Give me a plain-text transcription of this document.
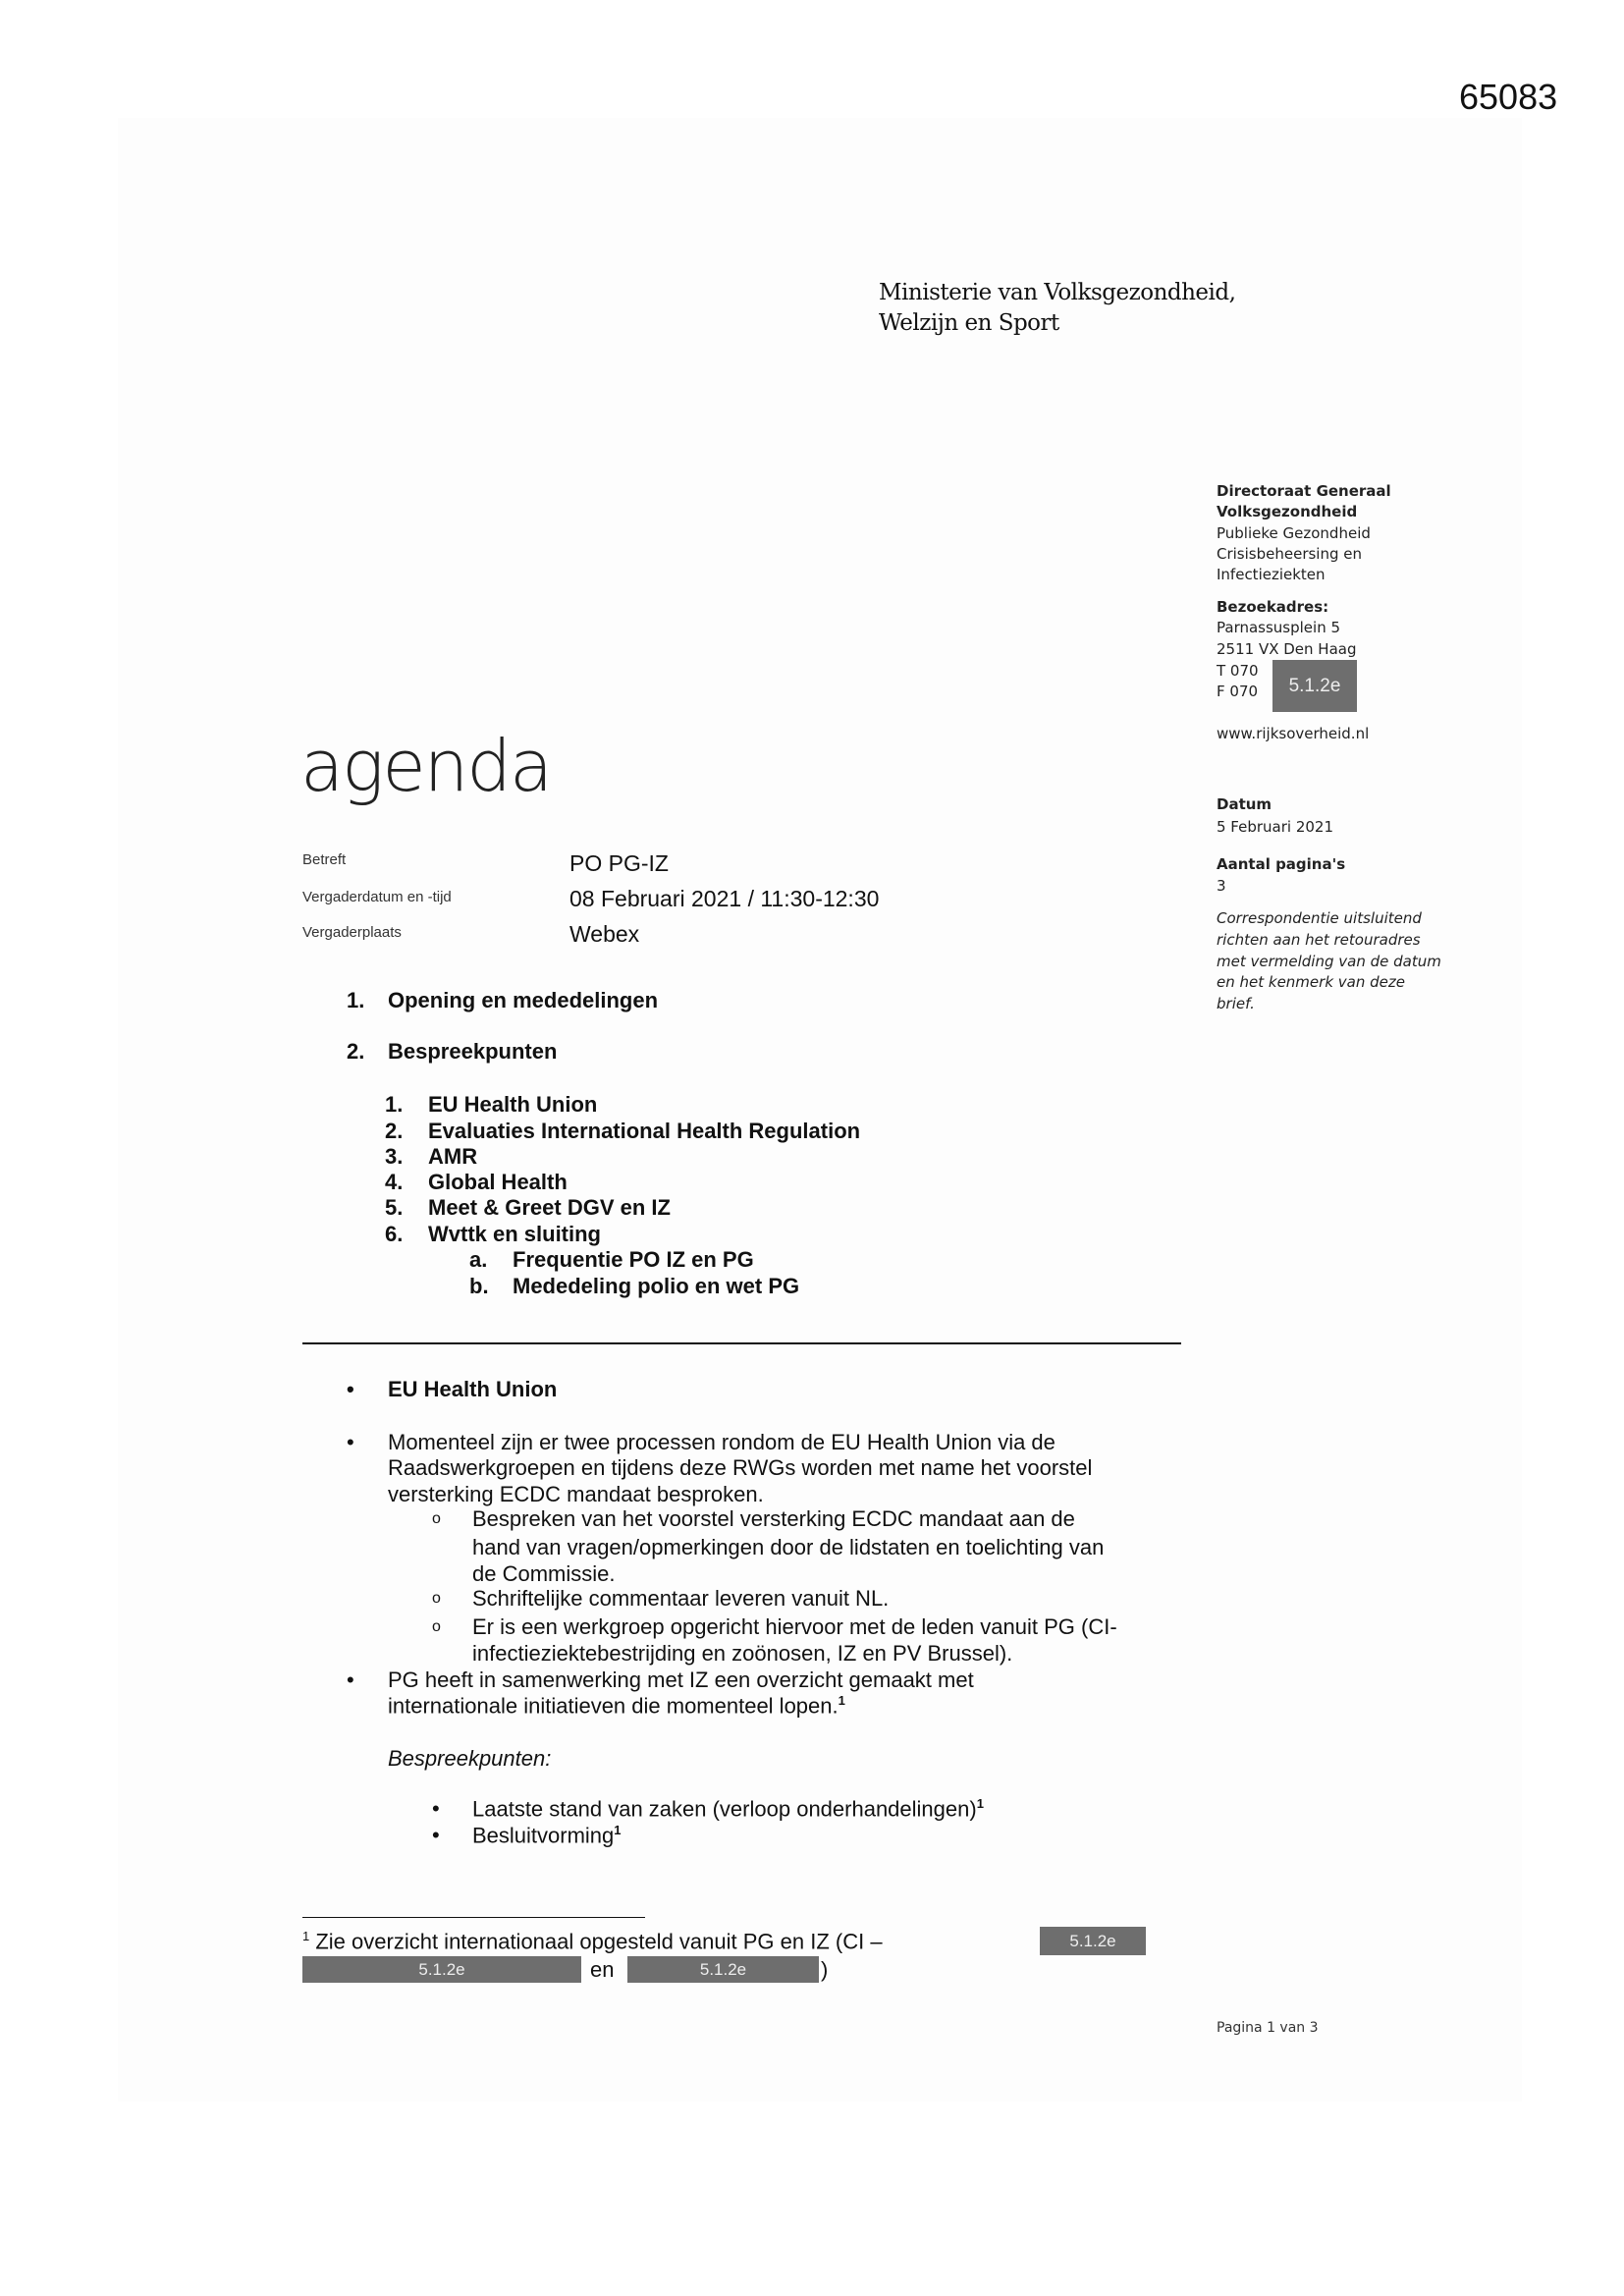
65083
Ministerie van Volksgezondheid,
Welzijn en Sport
Directoraat Generaal
Volksgezondheid
Publieke Gezondheid
Crisisbeheersing en
Infectieziekten
Bezoekadres:
Parnassusplein 5
2511 VX Den Haag
T 070
F 070	5.1.2e
www.rijksoverheid.nl
Datum
5 Februari 2021
Aantal pagina's
3
Correspondentie uitsluitend
richten aan het retouradres
met vermelding van de datum
en het kenmerk van deze
brief.
agenda
Betreft	PO PG-IZ
Vergaderdatum en -tijd	08 Februari 2021 / 11:30-12:30
Vergaderplaats	Webex
1. Opening en mededelingen
2. Bespreekpunten
1. EU Health Union
2. Evaluaties International Health Regulation
3. AMR
4. Global Health
5. Meet & Greet DGV en IZ
6. Wvttk en sluiting
a. Frequentie PO IZ en PG
b. Mededeling polio en wet PG
• EU Health Union
• Momenteel zijn er twee processen rondom de EU Health Union via de
Raadswerkgroepen en tijdens deze RWGs worden met name het voorstel
versterking ECDC mandaat besproken.
o Bespreken van het voorstel versterking ECDC mandaat aan de
hand van vragen/opmerkingen door de lidstaten en toelichting van
de Commissie.
o Schriftelijke commentaar leveren vanuit NL.
o Er is een werkgroep opgericht hiervoor met de leden vanuit PG (CI-
infectieziektebestrijding en zoönosen, IZ en PV Brussel).
• PG heeft in samenwerking met IZ een overzicht gemaakt met
internationale initiatieven die momenteel lopen.$^1$
Bespreekpunten:
• Laatste stand van zaken (verloop onderhandelingen)$^1$
• Besluitvorming$^1$
$^1$ Zie overzicht internationaal opgesteld vanuit PG en IZ (CI –	5.1.2e
5.1.2e	en	5.1.2e	)
Pagina 1 van 3
